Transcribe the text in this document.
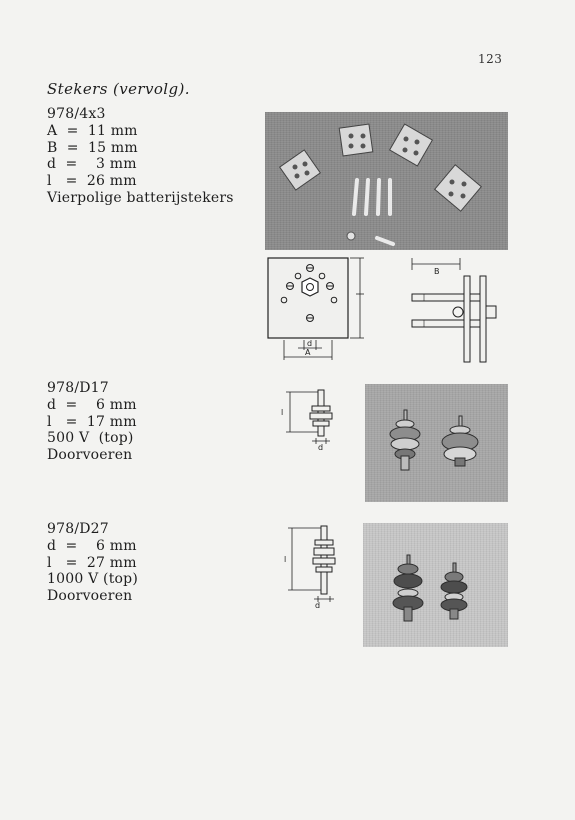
123
Stekers (vervolg).
978/4x3
A  =  11 mm
B  =  15 mm
d  =    3 mm
l   =  26 mm
Vierpolige batterijstekers
d
A
B
978/D17
d  =    6 mm
l   =  17 mm
500 V  (top)
Doorvoeren
l
d
978/D27
d  =    6 mm
l   =  27 mm
1000 V (top)
Doorvoeren
l
d
